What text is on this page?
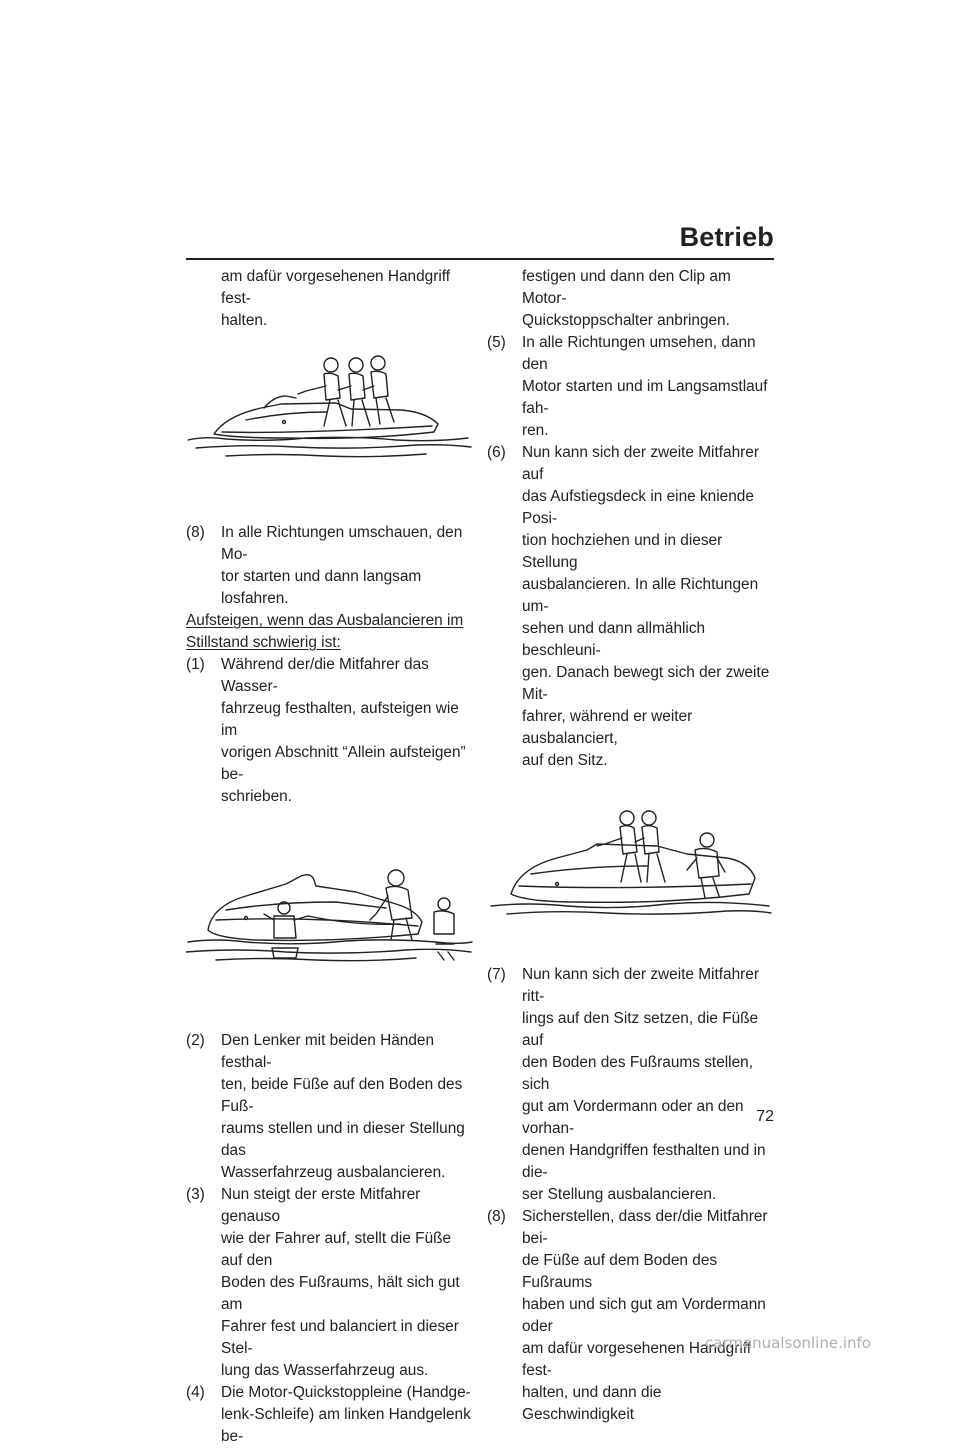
Betrieb
am dafür vorgesehenen Handgriff fest-
halten.
(8) In alle Richtungen umschauen, den Mo-
tor starten und dann langsam losfahren.
Aufsteigen, wenn das Ausbalancieren im
Stillstand schwierig ist:
(1) Während der/die Mitfahrer das Wasser-
fahrzeug festhalten, aufsteigen wie im
vorigen Abschnitt “Allein aufsteigen” be-
schrieben.
(2) Den Lenker mit beiden Händen festhal-
ten, beide Füße auf den Boden des Fuß-
raums stellen und in dieser Stellung das
Wasserfahrzeug ausbalancieren.
(3) Nun steigt der erste Mitfahrer genauso
wie der Fahrer auf, stellt die Füße auf den
Boden des Fußraums, hält sich gut am
Fahrer fest und balanciert in dieser Stel-
lung das Wasserfahrzeug aus.
(4) Die Motor-Quickstoppleine (Handge-
lenk-Schleife) am linken Handgelenk be-
festigen und dann den Clip am Motor-
Quickstoppschalter anbringen.
(5) In alle Richtungen umsehen, dann den
Motor starten und im Langsamstlauf fah-
ren.
(6) Nun kann sich der zweite Mitfahrer auf
das Aufstiegsdeck in eine kniende Posi-
tion hochziehen und in dieser Stellung
ausbalancieren. In alle Richtungen um-
sehen und dann allmählich beschleuni-
gen. Danach bewegt sich der zweite Mit-
fahrer, während er weiter ausbalanciert,
auf den Sitz.
(7) Nun kann sich der zweite Mitfahrer ritt-
lings auf den Sitz setzen, die Füße auf
den Boden des Fußraums stellen, sich
gut am Vordermann oder an den vorhan-
denen Handgriffen festhalten und in die-
ser Stellung ausbalancieren.
(8) Sicherstellen, dass der/die Mitfahrer bei-
de Füße auf dem Boden des Fußraums
haben und sich gut am Vordermann oder
am dafür vorgesehenen Handgriff fest-
halten, und dann die Geschwindigkeit
72
carmanualsonline.info
